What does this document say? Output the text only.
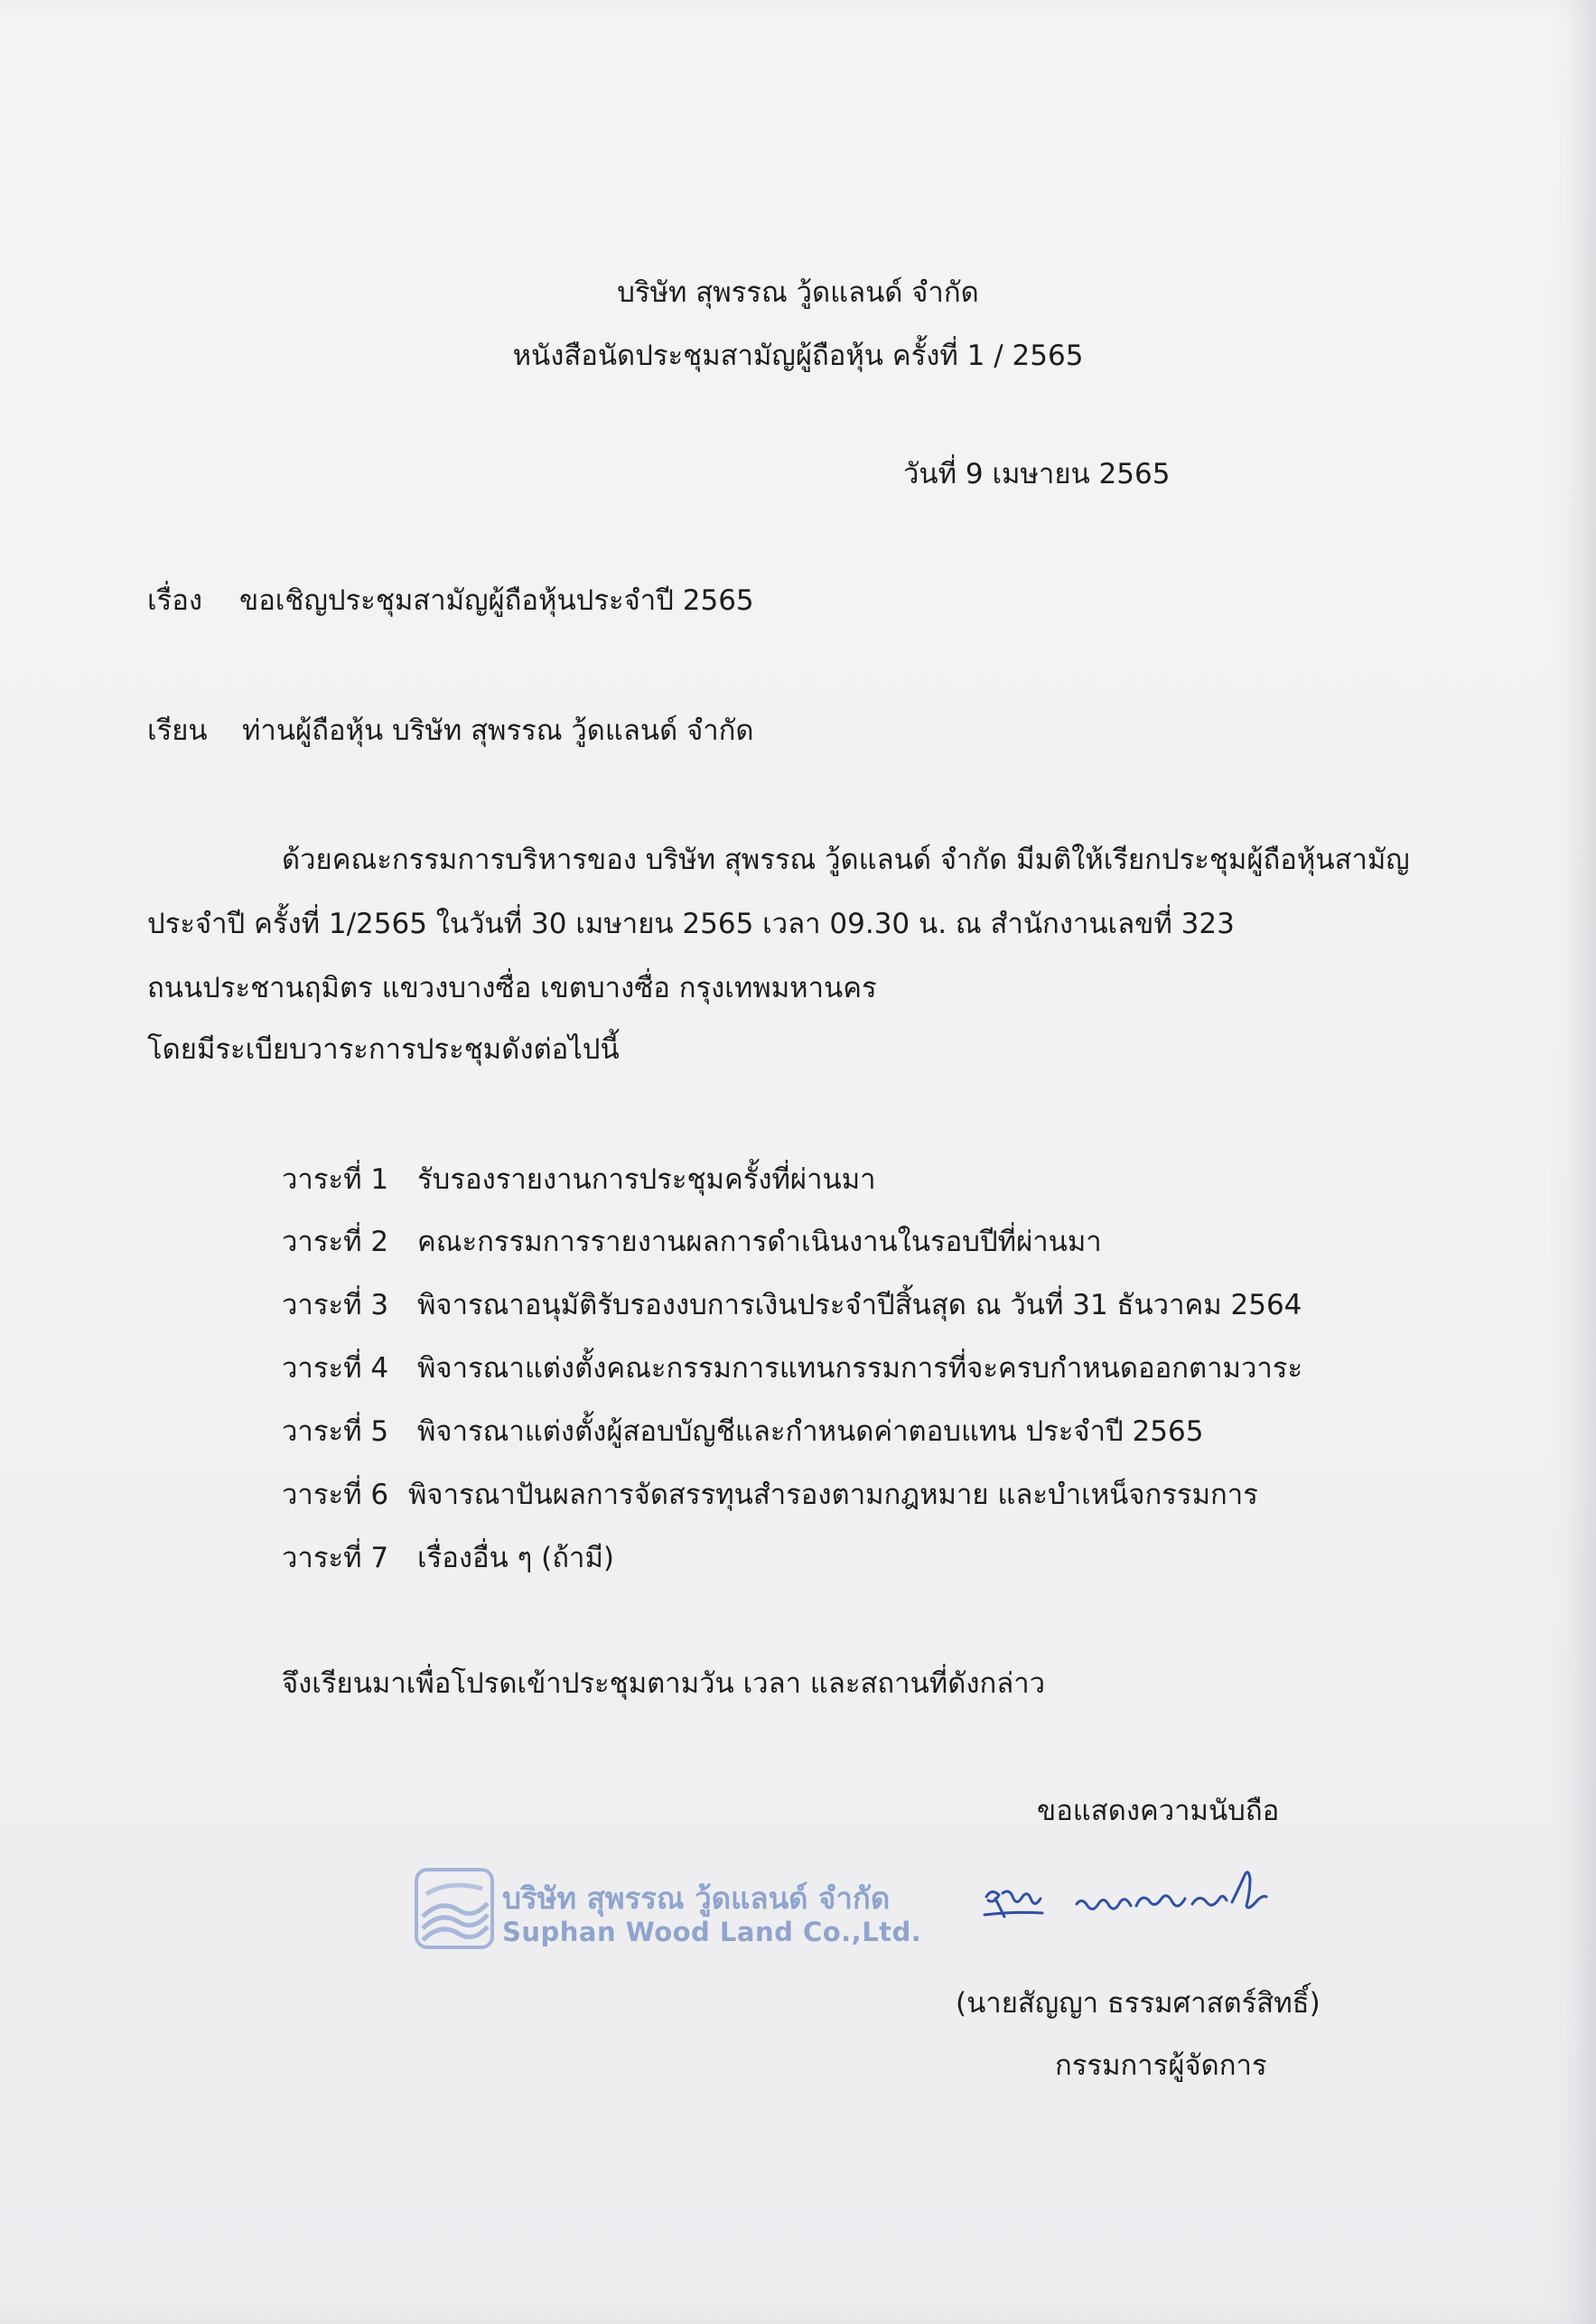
บริษัท สุพรรณ วู้ดแลนด์ จำกัด
หนังสือนัดประชุมสามัญผู้ถือหุ้น ครั้งที่ 1 / 2565
วันที่ 9 เมษายน 2565
เรื่อง ขอเชิญประชุมสามัญผู้ถือหุ้นประจำปี 2565
เรียน ท่านผู้ถือหุ้น บริษัท สุพรรณ วู้ดแลนด์ จำกัด
ด้วยคณะกรรมการบริหารของ บริษัท สุพรรณ วู้ดแลนด์ จำกัด มีมติให้เรียกประชุมผู้ถือหุ้นสามัญ
ประจำปี ครั้งที่ 1/2565 ในวันที่ 30 เมษายน 2565 เวลา 09.30 น. ณ สำนักงานเลขที่ 323
ถนนประชานฤมิตร แขวงบางซื่อ เขตบางซื่อ กรุงเทพมหานคร
โดยมีระเบียบวาระการประชุมดังต่อไปนี้
วาระที่ 1 รับรองรายงานการประชุมครั้งที่ผ่านมา
วาระที่ 2 คณะกรรมการรายงานผลการดำเนินงานในรอบปีที่ผ่านมา
วาระที่ 3 พิจารณาอนุมัติรับรองงบการเงินประจำปีสิ้นสุด ณ วันที่ 31 ธันวาคม 2564
วาระที่ 4 พิจารณาแต่งตั้งคณะกรรมการแทนกรรมการที่จะครบกำหนดออกตามวาระ
วาระที่ 5 พิจารณาแต่งตั้งผู้สอบบัญชีและกำหนดค่าตอบแทน ประจำปี 2565
วาระที่ 6 พิจารณาปันผลการจัดสรรทุนสำรองตามกฎหมาย และบำเหน็จกรรมการ
วาระที่ 7 เรื่องอื่น ๆ (ถ้ามี)
จึงเรียนมาเพื่อโปรดเข้าประชุมตามวัน เวลา และสถานที่ดังกล่าว
ขอแสดงความนับถือ
บริษัท สุพรรณ วู้ดแลนด์ จำกัด
Suphan Wood Land Co.,Ltd.
(นายสัญญา ธรรมศาสตร์สิทธิ์)
กรรมการผู้จัดการ
